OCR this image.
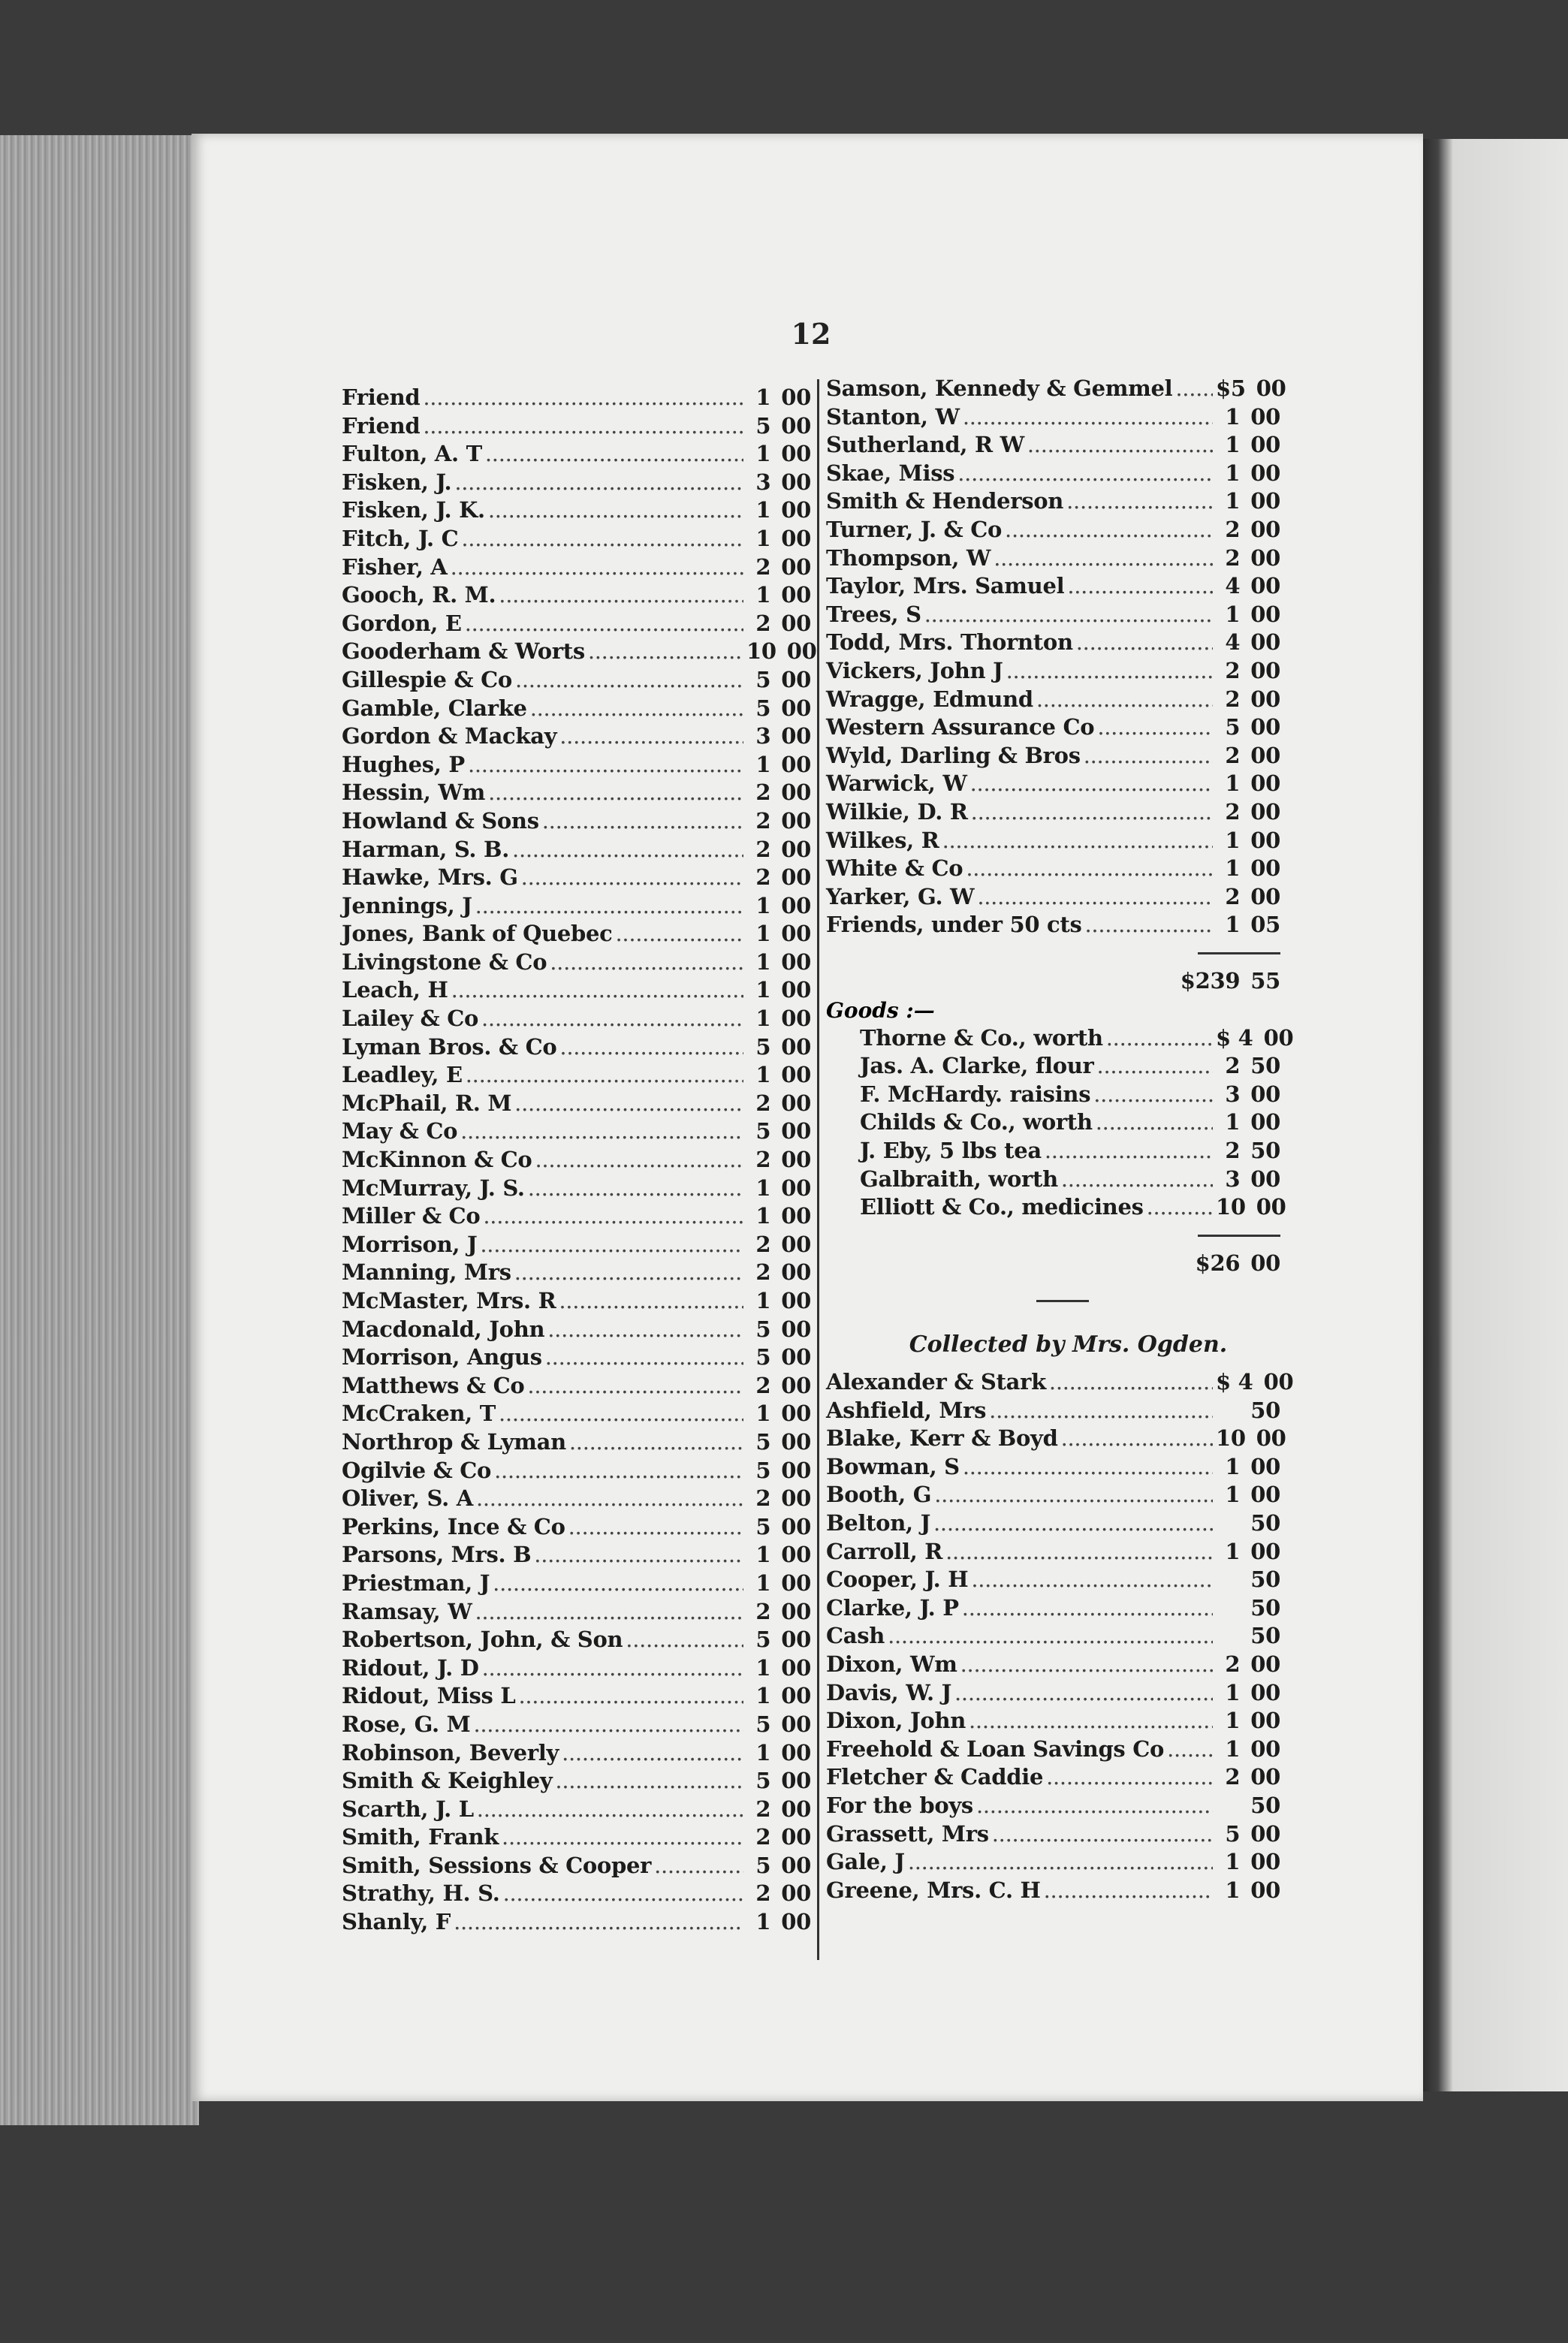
12
Friend .....	1 00
Friend .....	5 00
Fulton, A. T .....	1 00
Fisken, J. .....	3 00
Fisken, J. K. .....	1 00
Fitch, J. C .....	1 00
Fisher, A .....	2 00
Gooch, R. M. .....	1 00
Gordon, E .....	2 00
Gooderham & Worts .....	10 00
Gillespie & Co .....	5 00
Gamble, Clarke .....	5 00
Gordon & Mackay .....	3 00
Hughes, P .....	1 00
Hessin, Wm .....	2 00
Howland & Sons .....	2 00
Harman, S. B. .....	2 00
Hawke, Mrs. G .....	2 00
Jennings, J .....	1 00
Jones, Bank of Quebec .....	1 00
Livingstone & Co .....	1 00
Leach, H .....	1 00
Lailey & Co .....	1 00
Lyman Bros. & Co .....	5 00
Leadley, E .....	1 00
McPhail, R. M .....	2 00
May & Co .....	5 00
McKinnon & Co .....	2 00
McMurray, J. S. .....	1 00
Miller & Co .....	1 00
Morrison, J .....	2 00
Manning, Mrs .....	2 00
McMaster, Mrs. R .....	1 00
Macdonald, John .....	5 00
Morrison, Angus .....	5 00
Matthews & Co .....	2 00
McCraken, T .....	1 00
Northrop & Lyman .....	5 00
Ogilvie & Co .....	5 00
Oliver, S. A .....	2 00
Perkins, Ince & Co .....	5 00
Parsons, Mrs. B .....	1 00
Priestman, J .....	1 00
Ramsay, W .....	2 00
Robertson, John, & Son .....	5 00
Ridout, J. D .....	1 00
Ridout, Miss L .....	1 00
Rose, G. M .....	5 00
Robinson, Beverly .....	1 00
Smith & Keighley .....	5 00
Scarth, J. L .....	2 00
Smith, Frank .....	2 00
Smith, Sessions & Cooper .....	5 00
Strathy, H. S. .....	2 00
Shanly, F .....	1 00
Samson, Kennedy & Gemmel ..... $5 00
Stanton, W .....	1 00
Sutherland, R W .....	1 00
Skae, Miss .....	1 00
Smith & Henderson .....	1 00
Turner, J. & Co .....	2 00
Thompson, W .....	2 00
Taylor, Mrs. Samuel .....	4 00
Trees, S .....	1 00
Todd, Mrs. Thornton .....	4 00
Vickers, John J .....	2 00
Wragge, Edmund .....	2 00
Western Assurance Co .....	5 00
Wyld, Darling & Bros .....	2 00
Warwick, W .....	1 00
Wilkie, D. R .....	2 00
Wilkes, R .....	1 00
White & Co .....	1 00
Yarker, G. W .....	2 00
Friends, under 50 cts .....	1 05
$239 55
Goods :—
Thorne & Co., worth .....	$ 4 00
Jas. A. Clarke, flour .....	2 50
F. McHardy. raisins .....	3 00
Childs & Co., worth .....	1 00
J. Eby, 5 lbs tea .....	2 50
Galbraith, worth .....	3 00
Elliott & Co., medicines .....	10 00
$26 00
Collected by Mrs. Ogden.
Alexander & Stark .....	$ 4 00
Ashfield, Mrs .....	50
Blake, Kerr & Boyd .....	10 00
Bowman, S .....	1 00
Booth, G .....	1 00
Belton, J .....	50
Carroll, R .....	1 00
Cooper, J. H .....	50
Clarke, J. P .....	50
Cash .....	50
Dixon, Wm .....	2 00
Davis, W. J .....	1 00
Dixon, John .....	1 00
Freehold & Loan Savings Co .....	1 00
Fletcher & Caddie .....	2 00
For the boys .....	50
Grassett, Mrs .....	5 00
Gale, J .....	1 00
Greene, Mrs. C. H .....	1 00
